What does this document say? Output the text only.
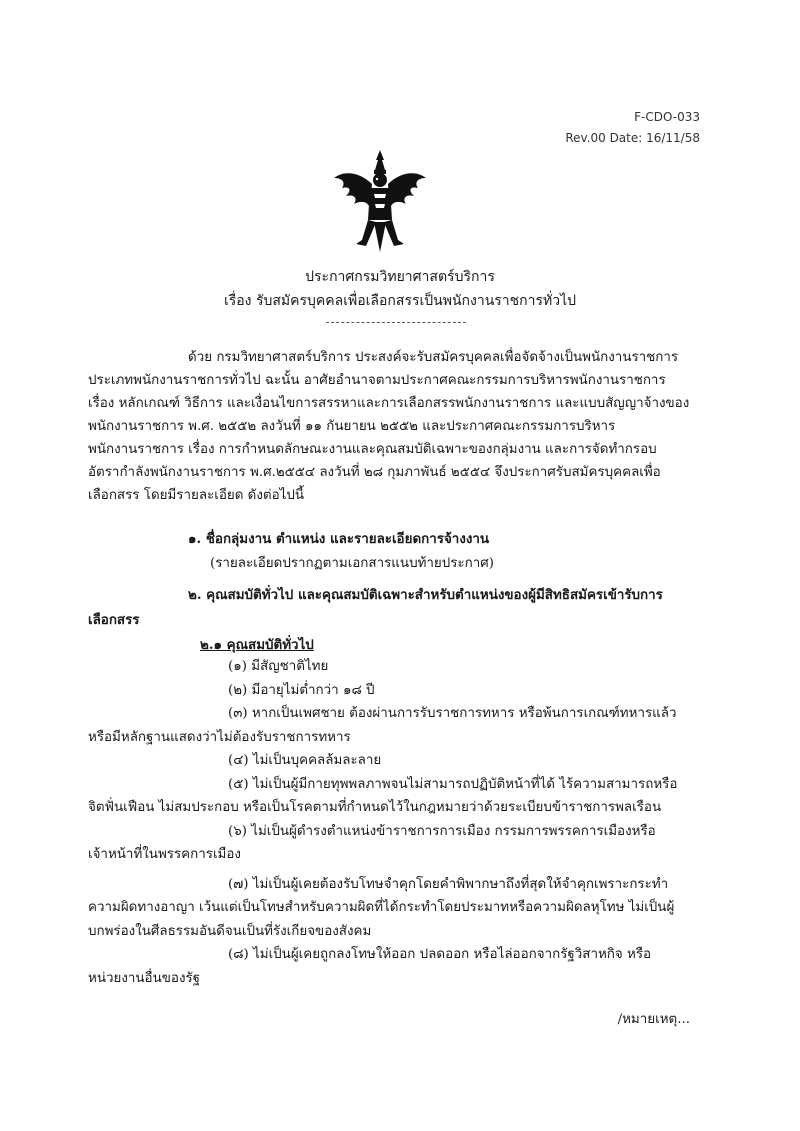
F-CDO-033
Rev.00 Date: 16/11/58
ประกาศกรมวิทยาศาสตร์บริการ
เรื่อง รับสมัครบุคคลเพื่อเลือกสรรเป็นพนักงานราชการทั่วไป
ด้วย กรมวิทยาศาสตร์บริการ ประสงค์จะรับสมัครบุคคลเพื่อจัดจ้างเป็นพนักงานราชการ
ประเภทพนักงานราชการทั่วไป ฉะนั้น อาศัยอำนาจตามประกาศคณะกรรมการบริหารพนักงานราชการ
เรื่อง หลักเกณฑ์ วิธีการ และเงื่อนไขการสรรหาและการเลือกสรรพนักงานราชการ และแบบสัญญาจ้างของ
พนักงานราชการ พ.ศ. ๒๕๕๒ ลงวันที่ ๑๑ กันยายน ๒๕๕๒ และประกาศคณะกรรมการบริหาร
พนักงานราชการ เรื่อง การกำหนดลักษณะงานและคุณสมบัติเฉพาะของกลุ่มงาน และการจัดทำกรอบ
อัตรากำลังพนักงานราชการ พ.ศ.๒๕๕๔ ลงวันที่ ๒๘ กุมภาพันธ์ ๒๕๕๔ จึงประกาศรับสมัครบุคคลเพื่อ
เลือกสรร โดยมีรายละเอียด ดังต่อไปนี้
๑. ชื่อกลุ่มงาน ตำแหน่ง และรายละเอียดการจ้างงาน
(รายละเอียดปรากฏตามเอกสารแนบท้ายประกาศ)
๒. คุณสมบัติทั่วไป และคุณสมบัติเฉพาะสำหรับตำแหน่งของผู้มีสิทธิสมัครเข้ารับการ
เลือกสรร
๒.๑ คุณสมบัติทั่วไป
(๑) มีสัญชาติไทย
(๒) มีอายุไม่ต่ำกว่า ๑๘ ปี
(๓) หากเป็นเพศชาย ต้องผ่านการรับราชการทหาร หรือพ้นการเกณฑ์ทหารแล้ว
หรือมีหลักฐานแสดงว่าไม่ต้องรับราชการทหาร
(๔) ไม่เป็นบุคคลล้มละลาย
(๕) ไม่เป็นผู้มีกายทุพพลภาพจนไม่สามารถปฏิบัติหน้าที่ได้ ไร้ความสามารถหรือ
จิตฟั่นเฟือน ไม่สมประกอบ หรือเป็นโรคตามที่กำหนดไว้ในกฎหมายว่าด้วยระเบียบข้าราชการพลเรือน
(๖) ไม่เป็นผู้ดำรงตำแหน่งข้าราชการการเมือง กรรมการพรรคการเมืองหรือ
เจ้าหน้าที่ในพรรคการเมือง
(๗) ไม่เป็นผู้เคยต้องรับโทษจำคุกโดยคำพิพากษาถึงที่สุดให้จำคุกเพราะกระทำ
ความผิดทางอาญา เว้นแต่เป็นโทษสำหรับความผิดที่ได้กระทำโดยประมาทหรือความผิดลหุโทษ ไม่เป็นผู้
บกพร่องในศีลธรรมอันดีจนเป็นที่รังเกียจของสังคม
(๘) ไม่เป็นผู้เคยถูกลงโทษให้ออก ปลดออก หรือไล่ออกจากรัฐวิสาหกิจ หรือ
หน่วยงานอื่นของรัฐ
/หมายเหตุ...
